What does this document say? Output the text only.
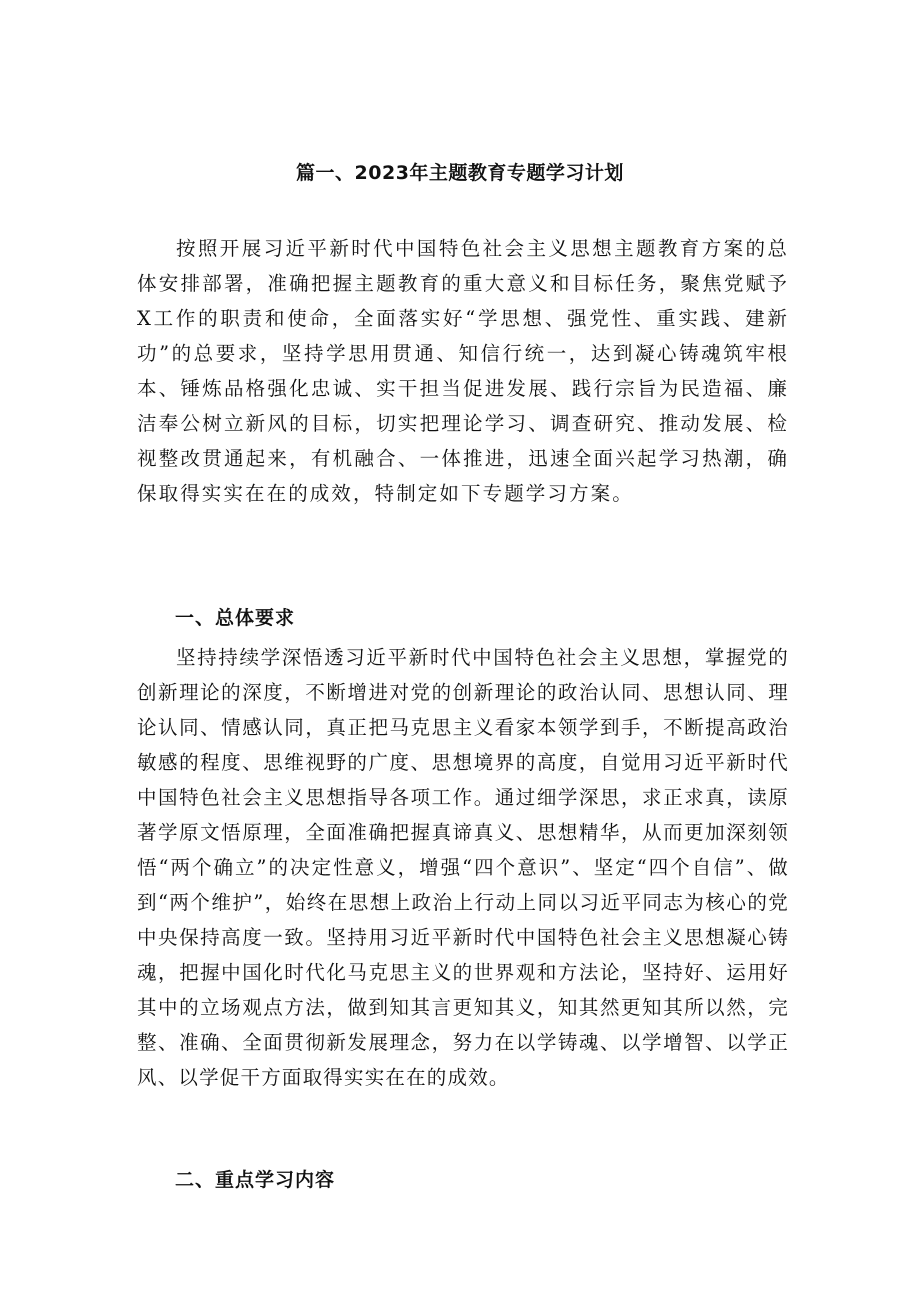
篇一、2023年主题教育专题学习计划

按照开展习近平新时代中国特色社会主义思想主题教育方案的总体安排部署，准确把握主题教育的重大意义和目标任务，聚焦党赋予X工作的职责和使命，全面落实好“学思想、强党性、重实践、建新功”的总要求，坚持学思用贯通、知信行统一，达到凝心铸魂筑牢根本、锤炼品格强化忠诚、实干担当促进发展、践行宗旨为民造福、廉洁奉公树立新风的目标，切实把理论学习、调查研究、推动发展、检视整改贯通起来，有机融合、一体推进，迅速全面兴起学习热潮，确保取得实实在在的成效，特制定如下专题学习方案。

一、总体要求

坚持持续学深悟透习近平新时代中国特色社会主义思想，掌握党的创新理论的深度，不断增进对党的创新理论的政治认同、思想认同、理论认同、情感认同，真正把马克思主义看家本领学到手，不断提高政治敏感的程度、思维视野的广度、思想境界的高度，自觉用习近平新时代中国特色社会主义思想指导各项工作。通过细学深思，求正求真，读原著学原文悟原理，全面准确把握真谛真义、思想精华，从而更加深刻领悟“两个确立”的决定性意义，增强“四个意识”、坚定“四个自信”、做到“两个维护”，始终在思想上政治上行动上同以习近平同志为核心的党中央保持高度一致。坚持用习近平新时代中国特色社会主义思想凝心铸魂，把握中国化时代化马克思主义的世界观和方法论，坚持好、运用好其中的立场观点方法，做到知其言更知其义，知其然更知其所以然，完整、准确、全面贯彻新发展理念，努力在以学铸魂、以学增智、以学正风、以学促干方面取得实实在在的成效。

二、重点学习内容
